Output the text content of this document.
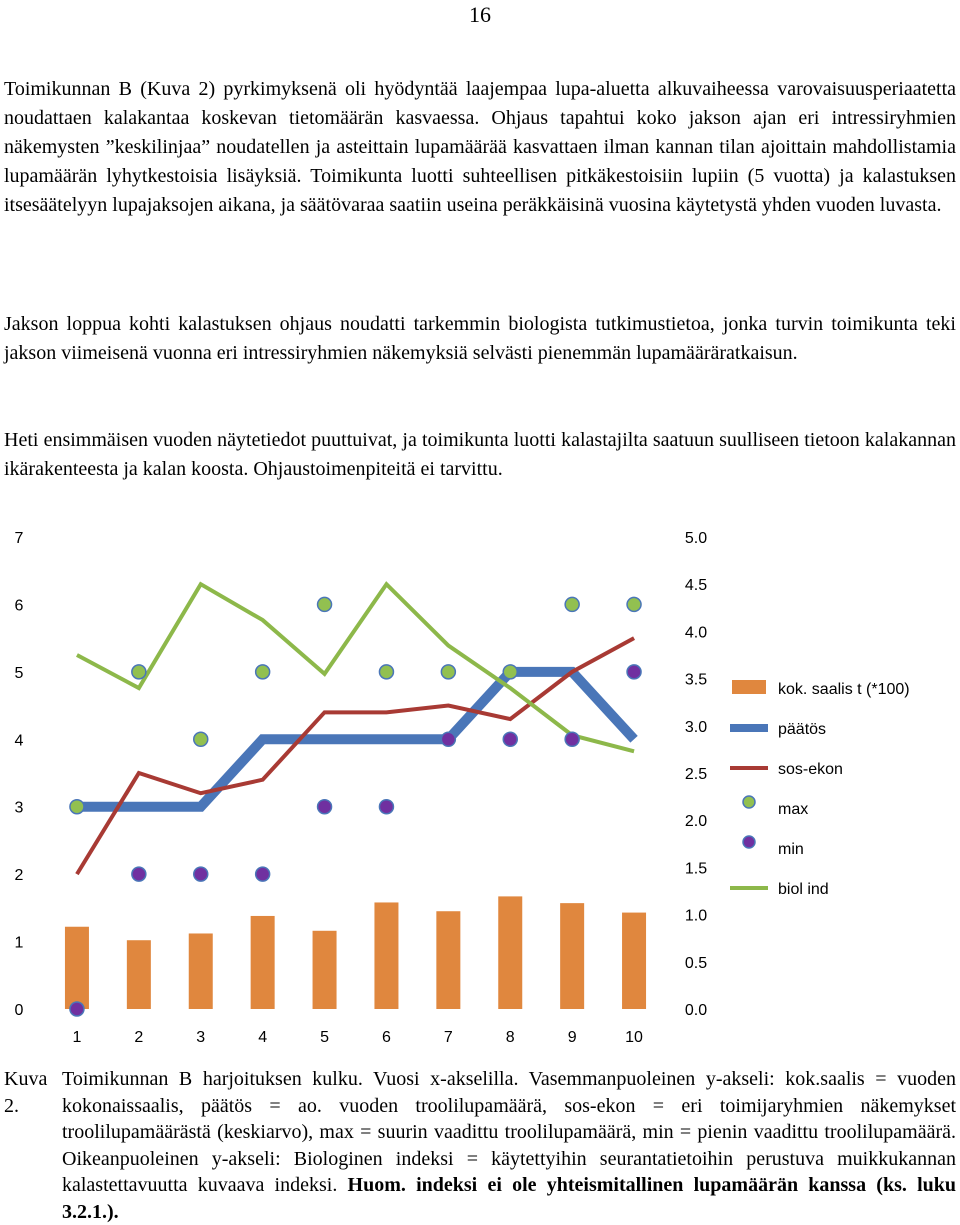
16

Toimikunnan B (Kuva 2) pyrkimyksenä oli hyödyntää laajempaa lupa-aluetta alkuvaiheessa varovaisuusperiaatetta noudattaen kalakantaa koskevan tietomäärän kasvaessa. Ohjaus tapahtui koko jakson ajan eri intressiryhmien näkemysten ”keskilinjaa” noudatellen ja asteittain lupamäärää kasvattaen ilman kannan tilan ajoittain mahdollistamia lupamäärän lyhytkestoisia lisäyksiä. Toimikunta luotti suhteellisen pitkäkestoisiin lupiin (5 vuotta) ja kalastuksen itsesäätelyyn lupajaksojen aikana, ja säätövaraa saatiin useina peräkkäisinä vuosina käytetystä yhden vuoden luvasta.

Jakson loppua kohti kalastuksen ohjaus noudatti tarkemmin biologista tutkimustietoa, jonka turvin toimikunta teki jakson viimeisenä vuonna eri intressiryhmien näkemyksiä selvästi pienemmän lupamääräratkaisun.

Heti ensimmäisen vuoden näytetiedot puuttuivat, ja toimikunta luotti kalastajilta saatuun suulliseen tietoon kalakannan ikärakenteesta ja kalan koosta. Ohjaustoimenpiteitä ei tarvittu.

0
1
2
3
4
5
6
7
0.0
0.5
1.0
1.5
2.0
2.5
3.0
3.5
4.0
4.5
5.0
1	2	3	4	5	6	7	8	9	10
kok. saalis t (*100)
päätös
sos-ekon
max
min
biol ind
Kuva 2.
Toimikunnan B harjoituksen kulku. Vuosi x-akselilla. Vasemmanpuoleinen y-akseli: kok.saalis = vuoden kokonaissaalis, päätös = ao. vuoden troolilupamäärä, sos-ekon = eri toimijaryhmien näkemykset troolilupamäärästä (keskiarvo), max = suurin vaadittu troolilupamäärä, min = pienin vaadittu troolilupamäärä. Oikeanpuoleinen y-akseli: Biologinen indeksi = käytettyihin seurantatietoihin perustuva muikkukannan kalastettavuutta kuvaava indeksi. Huom. indeksi ei ole yhteismitallinen lupamäärän kanssa (ks. luku 3.2.1.).
